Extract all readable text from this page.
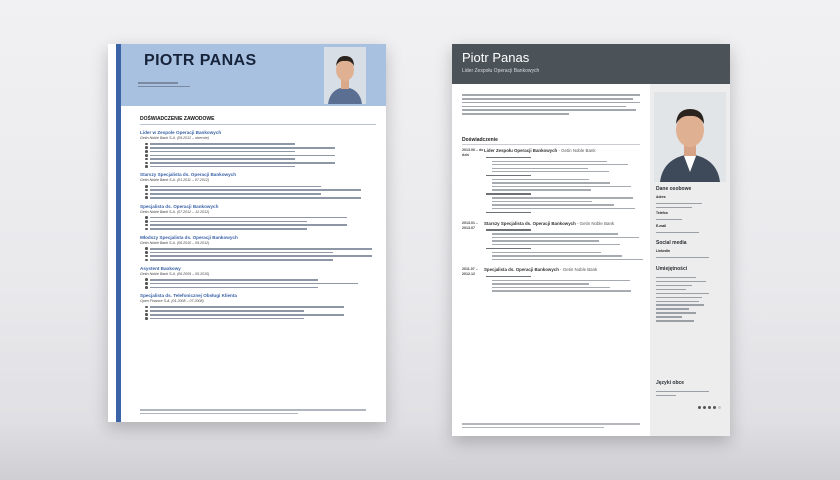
PIOTR PANAS
DOŚWIADCZENIE ZAWODOWE
Lider w Zespole Operacji Bankowych
Getin Noble Bank S.A. (09.2012 – obecnie)
Starszy Specjalista ds. Operacji Bankowych
Getin Noble Bank S.A. (01.2011 – 07.2012)
Specjalista ds. Operacji Bankowych
Getin Noble Bank S.A. (07.2012 – 12.2012)
Młodszy Specjalista ds. Operacji Bankowych
Getin Noble Bank S.A. (06.2010 – 09.2012)
Asystent Bankowy
Getin Noble Bank S.A. (06.2009 – 05.2010)
Specjalista ds. Telefonicznej Obsługi Klienta
Open Finance S.A. (01.2008 – 07.2008)
Piotr Panas
Lider Zespołu Operacji Bankowych
Doświadczenie
2013.06 – do dziś
Lider Zespołu Operacji Bankowych - Getin Noble Bank
2013.01 – 2013.07
Starszy Specjalista ds. Operacji Bankowych - Getin Noble Bank
2011.07 – 2012.12
Specjalista ds. Operacji Bankowych - Getin Noble Bank
Dane osobowe
Adres
Telefon
E-mail
Social media
LinkedIn
Umiejętności
Języki obce
